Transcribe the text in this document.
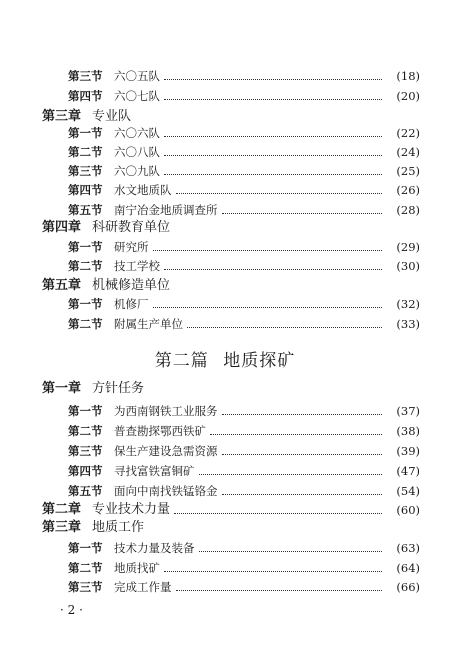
第二篇 地质探矿
· 2 ·
第三节	六〇五队	(18)
第四节	六〇七队	(20)
第三章 专业队
第一节	六〇六队	(22)
第二节	六〇八队	(24)
第三节	六〇九队	(25)
第四节	水文地质队	(26)
第五节	南宁冶金地质调查所	(28)
第四章 科研教育单位
第一节	研究所	(29)
第二节	技工学校	(30)
第五章 机械修造单位
第一节	机修厂	(32)
第二节	附属生产单位	(33)
第一章 方针任务
第一节	为西南钢铁工业服务	(37)
第二节	普查勘探鄂西铁矿	(38)
第三节	保生产建设急需资源	(39)
第四节	寻找富铁富铜矿	(47)
第五节	面向中南找铁锰铬金	(54)
第二章 专业技术力量	(60)
第三章 地质工作
第一节	技术力量及装备	(63)
第二节	地质找矿	(64)
第三节	完成工作量	(66)
